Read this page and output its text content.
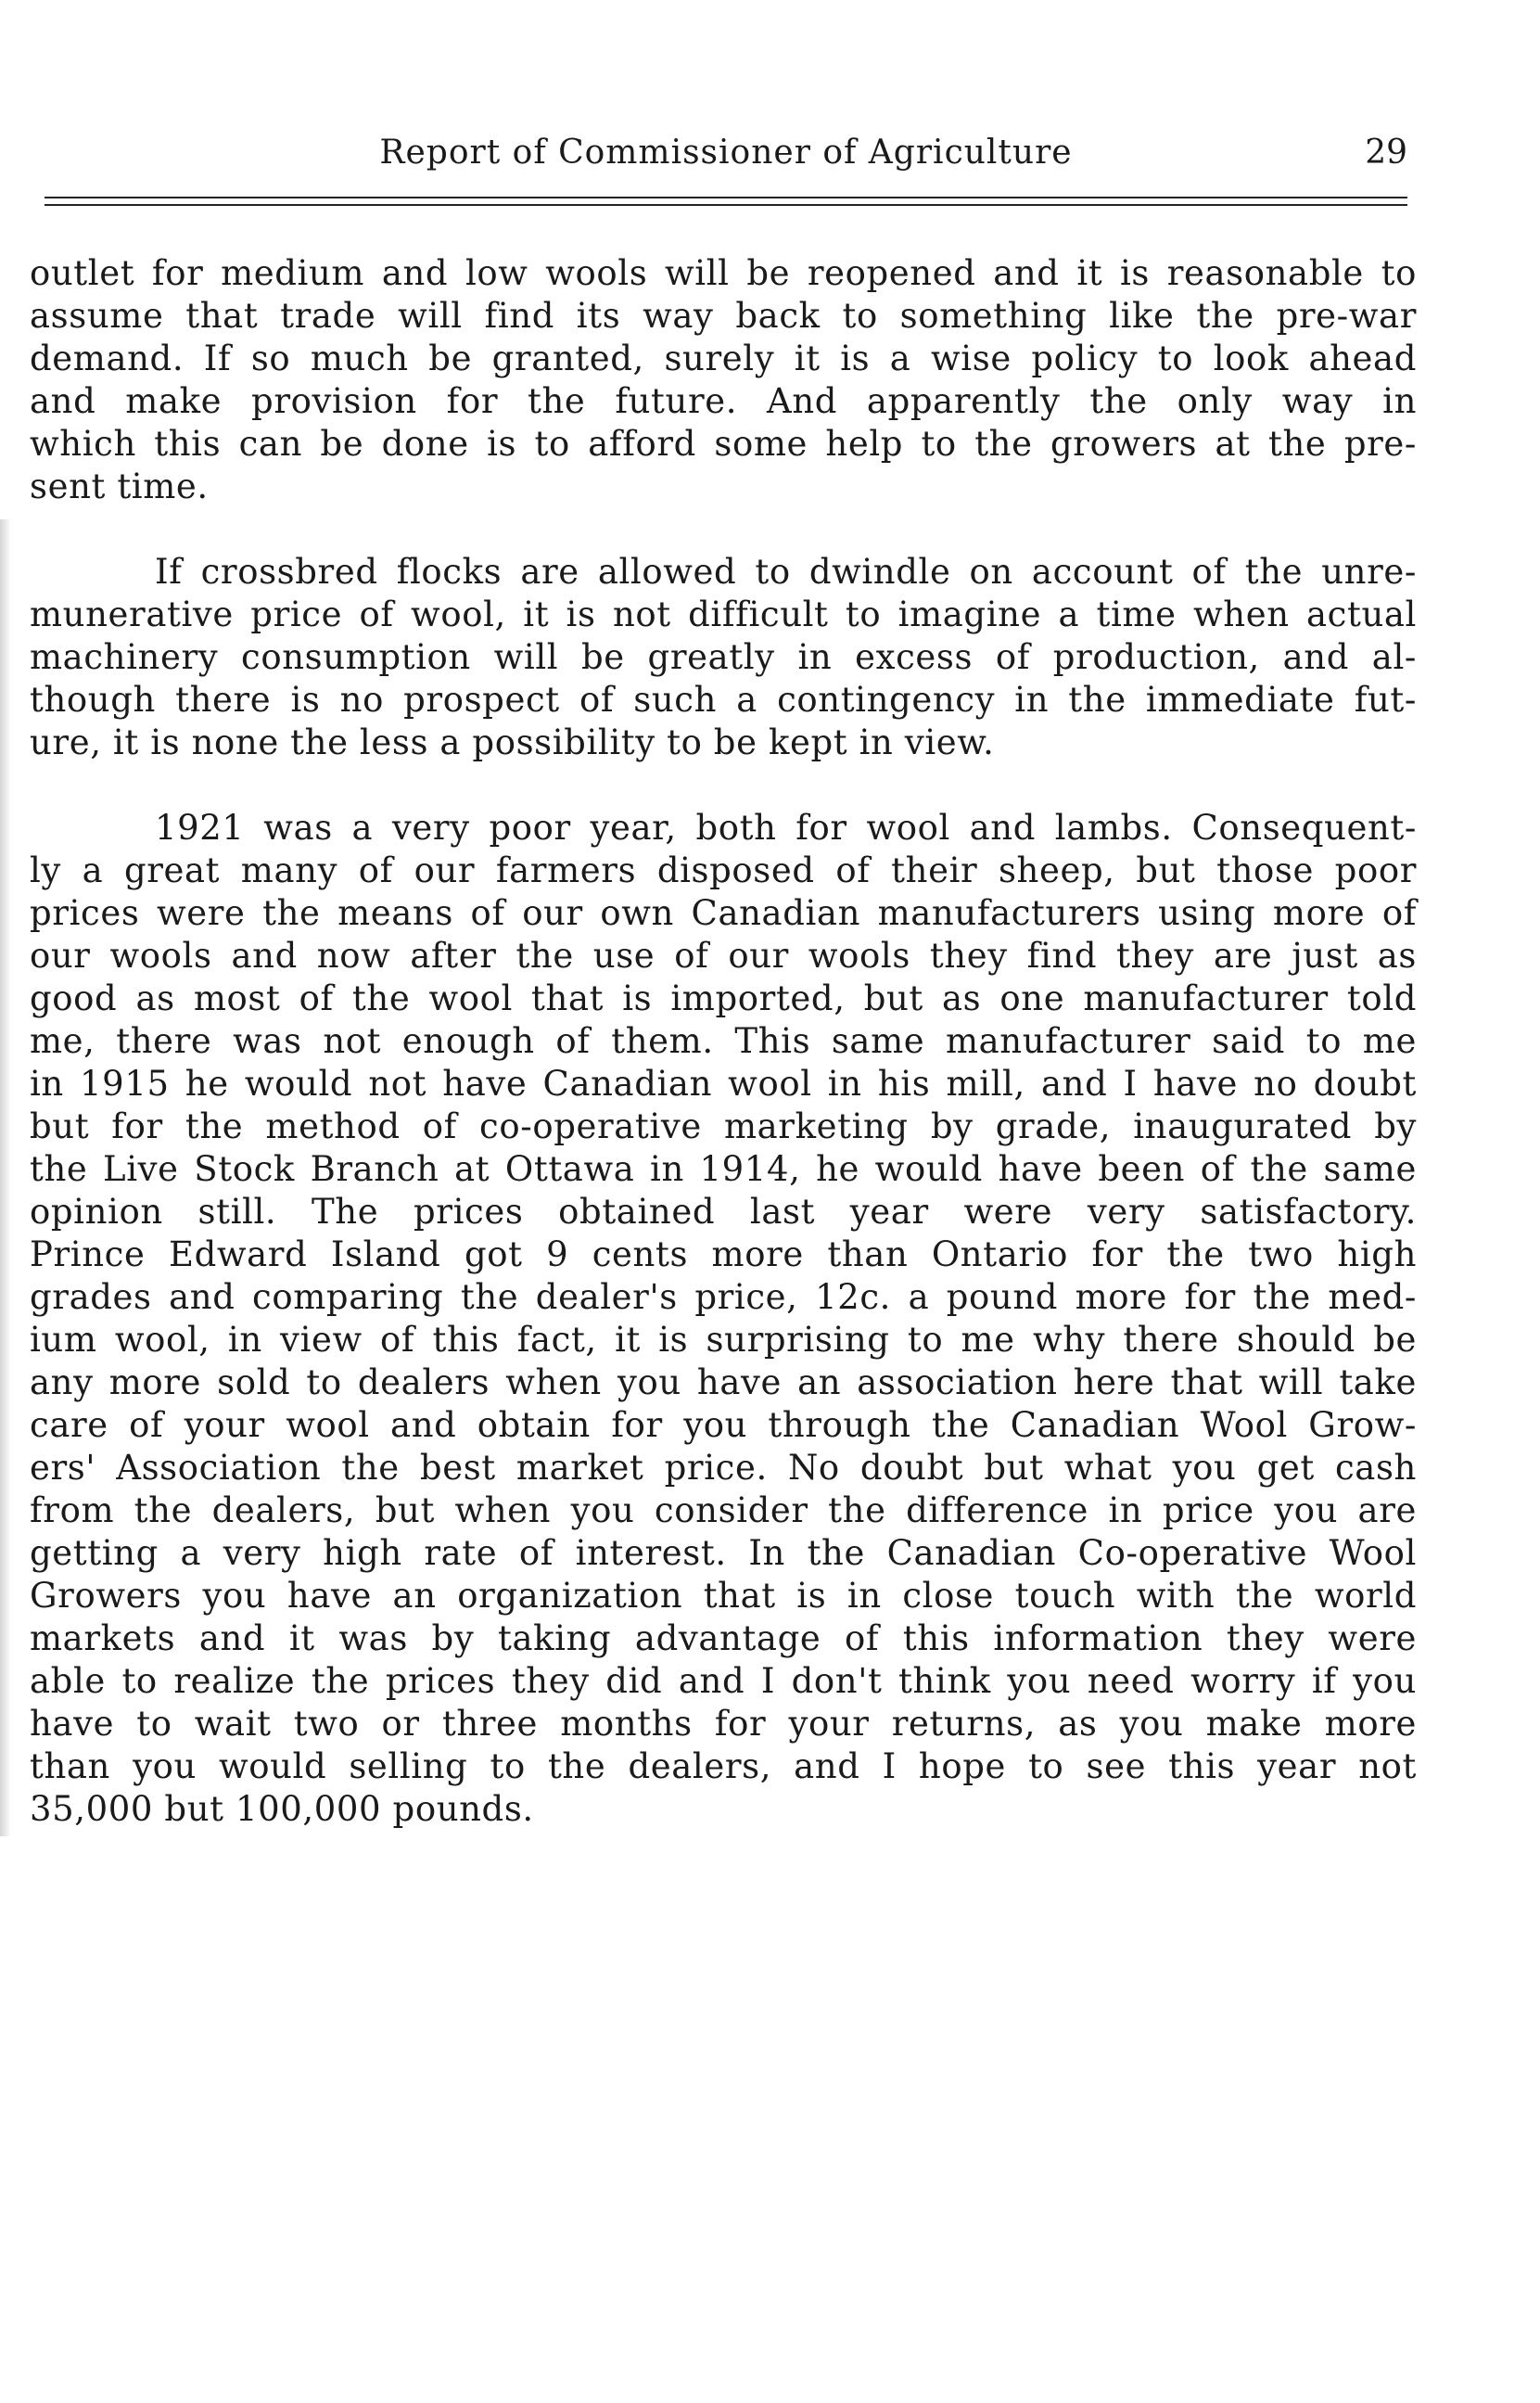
Report of Commissioner of Agriculture	29

outlet for medium and low wools will be reopened and it is reasonable to
assume that trade will find its way back to something like the pre-war
demand. If so much be granted, surely it is a wise policy to look ahead
and make provision for the future. And apparently the only way in
which this can be done is to afford some help to the growers at the pre-
sent time.

If crossbred flocks are allowed to dwindle on account of the unre-
munerative price of wool, it is not difficult to imagine a time when actual
machinery consumption will be greatly in excess of production, and al-
though there is no prospect of such a contingency in the immediate fut-
ure, it is none the less a possibility to be kept in view.

1921 was a very poor year, both for wool and lambs. Consequent-
ly a great many of our farmers disposed of their sheep, but those poor
prices were the means of our own Canadian manufacturers using more of
our wools and now after the use of our wools they find they are just as
good as most of the wool that is imported, but as one manufacturer told
me, there was not enough of them. This same manufacturer said to me
in 1915 he would not have Canadian wool in his mill, and I have no doubt
but for the method of co-operative marketing by grade, inaugurated by
the Live Stock Branch at Ottawa in 1914, he would have been of the same
opinion still. The prices obtained last year were very satisfactory.
Prince Edward Island got 9 cents more than Ontario for the two high
grades and comparing the dealer's price, 12c. a pound more for the med-
ium wool, in view of this fact, it is surprising to me why there should be
any more sold to dealers when you have an association here that will take
care of your wool and obtain for you through the Canadian Wool Grow-
ers' Association the best market price. No doubt but what you get cash
from the dealers, but when you consider the difference in price you are
getting a very high rate of interest. In the Canadian Co-operative Wool
Growers you have an organization that is in close touch with the world
markets and it was by taking advantage of this information they were
able to realize the prices they did and I don't think you need worry if you
have to wait two or three months for your returns, as you make more
than you would selling to the dealers, and I hope to see this year not
35,000 but 100,000 pounds.
